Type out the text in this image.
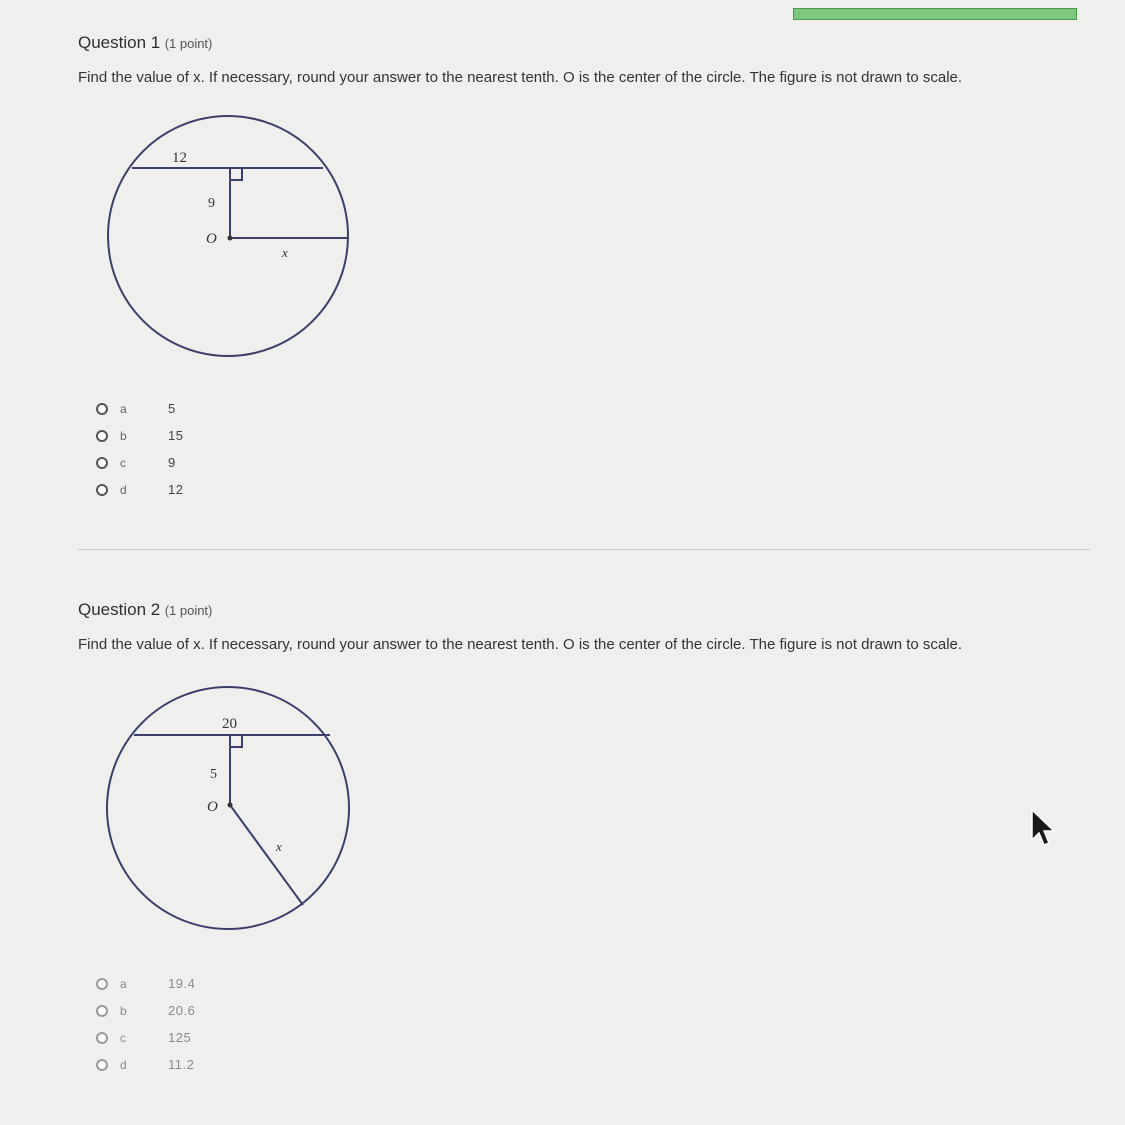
Question 1 (1 point)
Find the value of x. If necessary, round your answer to the nearest tenth. O is the center of the circle. The figure is not drawn to scale.
12
9
O
x
a	5
b	15
c	9
d	12
Question 2 (1 point)
Find the value of x. If necessary, round your answer to the nearest tenth. O is the center of the circle. The figure is not drawn to scale.
20
5
O
x
a	19.4
b	20.6
c	125
d	11.2
